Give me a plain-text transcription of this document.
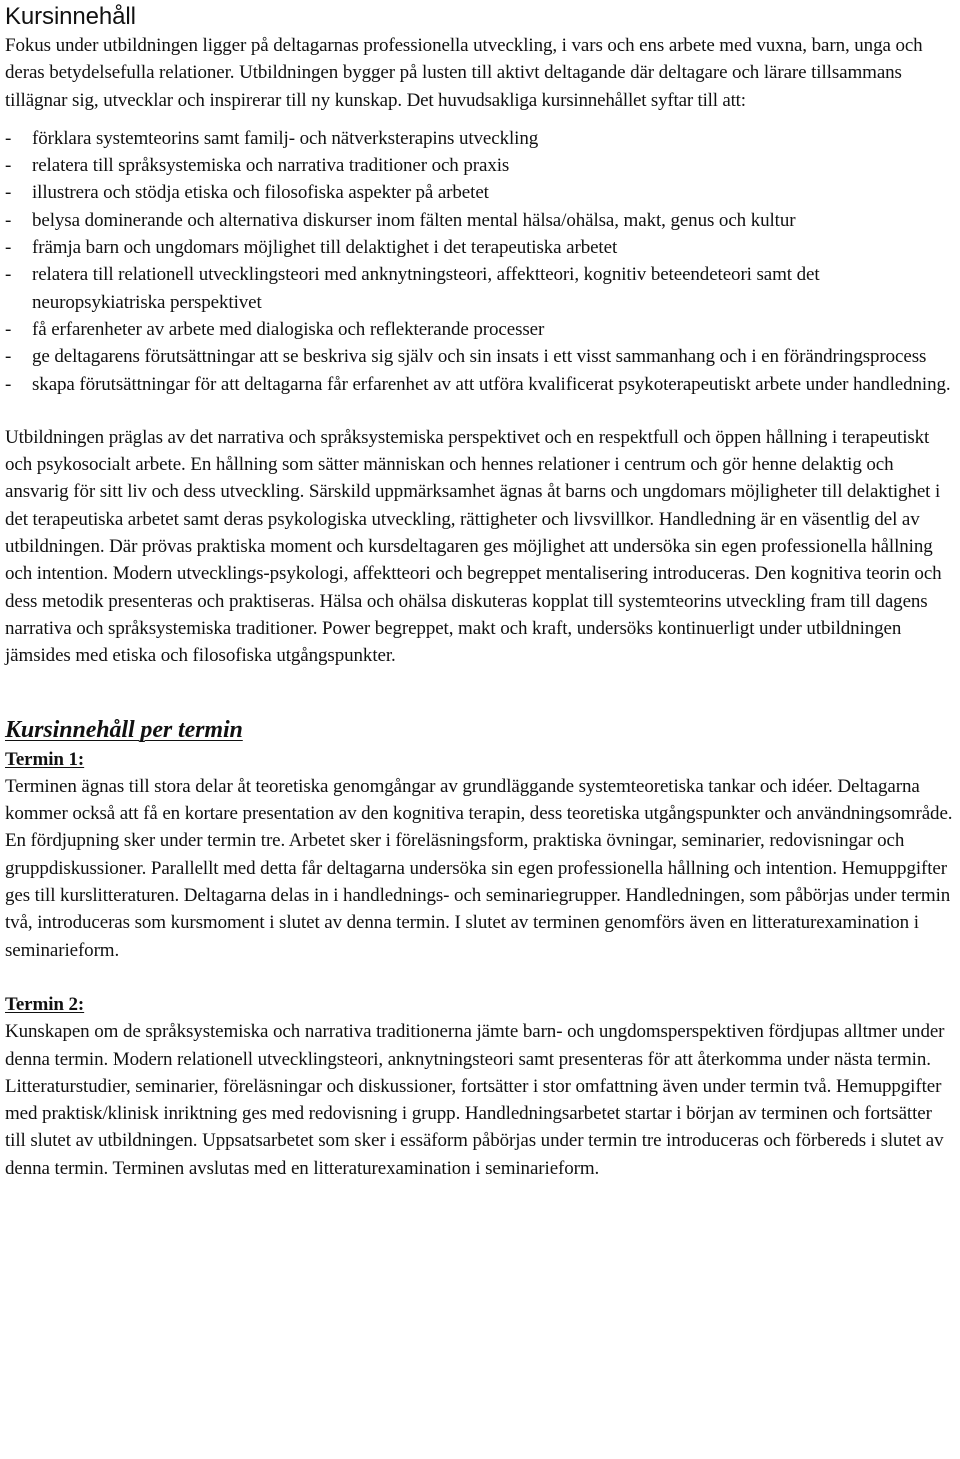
Kursinnehåll

Fokus under utbildningen ligger på deltagarnas professionella utveckling, i vars och ens arbete med vuxna, barn, unga och deras betydelsefulla relationer. Utbildningen bygger på lusten till aktivt deltagande där deltagare och lärare tillsammans tillägnar sig, utvecklar och inspirerar till ny kunskap. Det huvudsakliga kursinnehållet syftar till att:

- förklara systemteorins samt familj- och nätverksterapins utveckling
- relatera till språksystemiska och narrativa traditioner och praxis
- illustrera och stödja etiska och filosofiska aspekter på arbetet
- belysa dominerande och alternativa diskurser inom fälten mental hälsa/ohälsa, makt, genus och kultur
- främja barn och ungdomars möjlighet till delaktighet i det terapeutiska arbetet
- relatera till relationell utvecklingsteori med anknytningsteori, affektteori, kognitiv beteendeteori samt det neuropsykiatriska perspektivet
- få erfarenheter av arbete med dialogiska och reflekterande processer
- ge deltagarens förutsättningar att se beskriva sig själv och sin insats i ett visst sammanhang och i en förändringsprocess
- skapa förutsättningar för att deltagarna får erfarenhet av att utföra kvalificerat psykoterapeutiskt arbete under handledning.

Utbildningen präglas av det narrativa och språksystemiska perspektivet och en respektfull och öppen hållning i terapeutiskt och psykosocialt arbete. En hållning som sätter människan och hennes relationer i centrum och gör henne delaktig och ansvarig för sitt liv och dess utveckling. Särskild uppmärksamhet ägnas åt barns och ungdomars möjligheter till delaktighet i det terapeutiska arbetet samt deras psykologiska utveckling, rättigheter och livsvillkor. Handledning är en väsentlig del av utbildningen. Där prövas praktiska moment och kursdeltagaren ges möjlighet att undersöka sin egen professionella hållning och intention. Modern utvecklings-psykologi, affektteori och begreppet mentalisering introduceras. Den kognitiva teorin och dess metodik presenteras och praktiseras. Hälsa och ohälsa diskuteras kopplat till systemteorins utveckling fram till dagens narrativa och språksystemiska traditioner. Power begreppet, makt och kraft, undersöks kontinuerligt under utbildningen jämsides med etiska och filosofiska utgångspunkter.

Kursinnehåll per termin
Termin 1:

Terminen ägnas till stora delar åt teoretiska genomgångar av grundläggande systemteoretiska tankar och idéer. Deltagarna kommer också att få en kortare presentation av den kognitiva terapin, dess teoretiska utgångspunkter och användningsområde. En fördjupning sker under termin tre. Arbetet sker i föreläsningsform, praktiska övningar, seminarier, redovisningar och gruppdiskussioner. Parallellt med detta får deltagarna undersöka sin egen professionella hållning och intention. Hemuppgifter ges till kurslitteraturen. Deltagarna delas in i handlednings- och seminariegrupper. Handledningen, som påbörjas under termin två, introduceras som kursmoment i slutet av denna termin. I slutet av terminen genomförs även en litteraturexamination i seminarieform.

Termin 2:

Kunskapen om de språksystemiska och narrativa traditionerna jämte barn- och ungdomsperspektiven fördjupas alltmer under denna termin. Modern relationell utvecklingsteori, anknytningsteori samt presenteras för att återkomma under nästa termin. Litteraturstudier, seminarier, föreläsningar och diskussioner, fortsätter i stor omfattning även under termin två. Hemuppgifter med praktisk/klinisk inriktning ges med redovisning i grupp. Handledningsarbetet startar i början av terminen och fortsätter till slutet av utbildningen. Uppsatsarbetet som sker i essäform påbörjas under termin tre introduceras och förbereds i slutet av denna termin. Terminen avslutas med en litteraturexamination i seminarieform.
